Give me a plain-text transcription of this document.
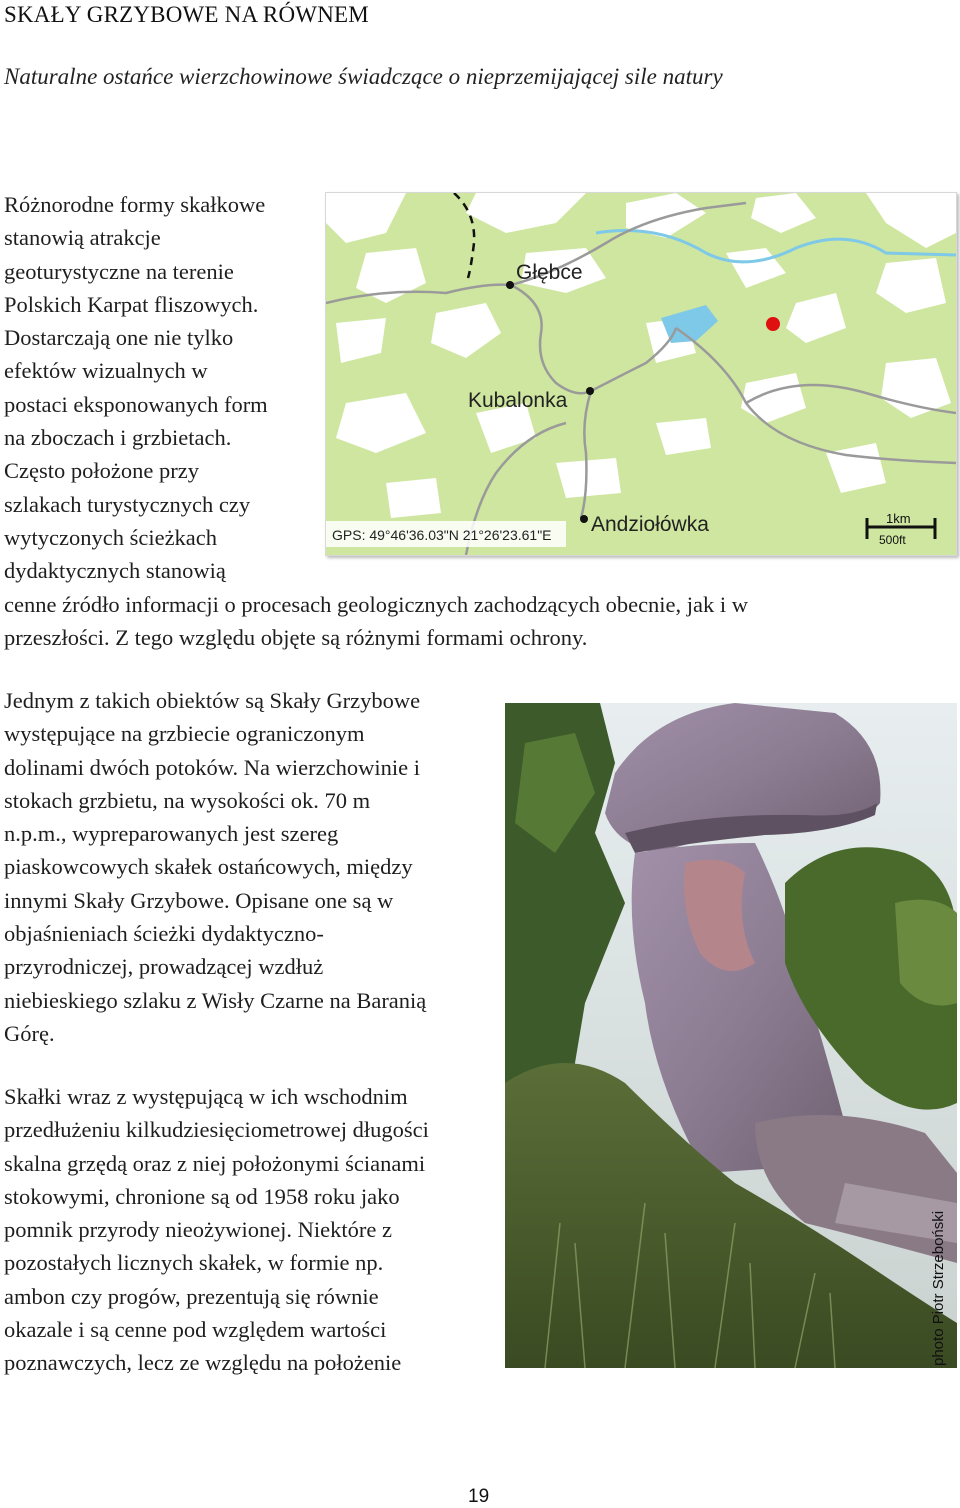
SKAŁY GRZYBOWE NA RÓWNEM
Naturalne ostańce wierzchowinowe świadczące o nieprzemijającej sile natury
Różnorodne formy skałkowe
stanowią atrakcje
geoturystyczne na terenie
Polskich Karpat fliszowych.
Dostarczają one nie tylko
efektów wizualnych w
postaci eksponowanych form
na zboczach i grzbietach.
Często położone przy
szlakach turystycznych czy
wytyczonych ścieżkach
dydaktycznych stanowią
cenne źródło informacji o procesach geologicznych zachodzących obecnie, jak i w
przeszłości. Z tego względu objęte są różnymi formami ochrony.
Jednym z takich obiektów są Skały Grzybowe
występujące na grzbiecie ograniczonym
dolinami dwóch potoków. Na wierzchowinie i
stokach grzbietu, na wysokości ok. 70 m
n.p.m., wypreparowanych jest szereg
piaskowcowych skałek ostańcowych, między
innymi Skały Grzybowe. Opisane one są w
objaśnieniach ścieżki dydaktyczno-
przyrodniczej, prowadzącej wzdłuż
niebieskiego szlaku z Wisły Czarne na Baranią
Górę.
Skałki wraz z występującą w ich wschodnim
przedłużeniu kilkudziesięciometrowej długości
skalna grzędą oraz z niej położonymi ścianami
stokowymi, chronione są od 1958 roku jako
pomnik przyrody nieożywionej. Niektóre z
pozostałych licznych skałek, w formie np.
ambon czy progów, prezentują się równie
okazale i są cenne pod względem wartości
poznawczych, lecz ze względu na położenie
Głębce
Kubalonka
Andziołówka
GPS: 49°46'36.03"N 21°26'23.61"E
1km
500ft
photo Piotr Strzeboński
19
